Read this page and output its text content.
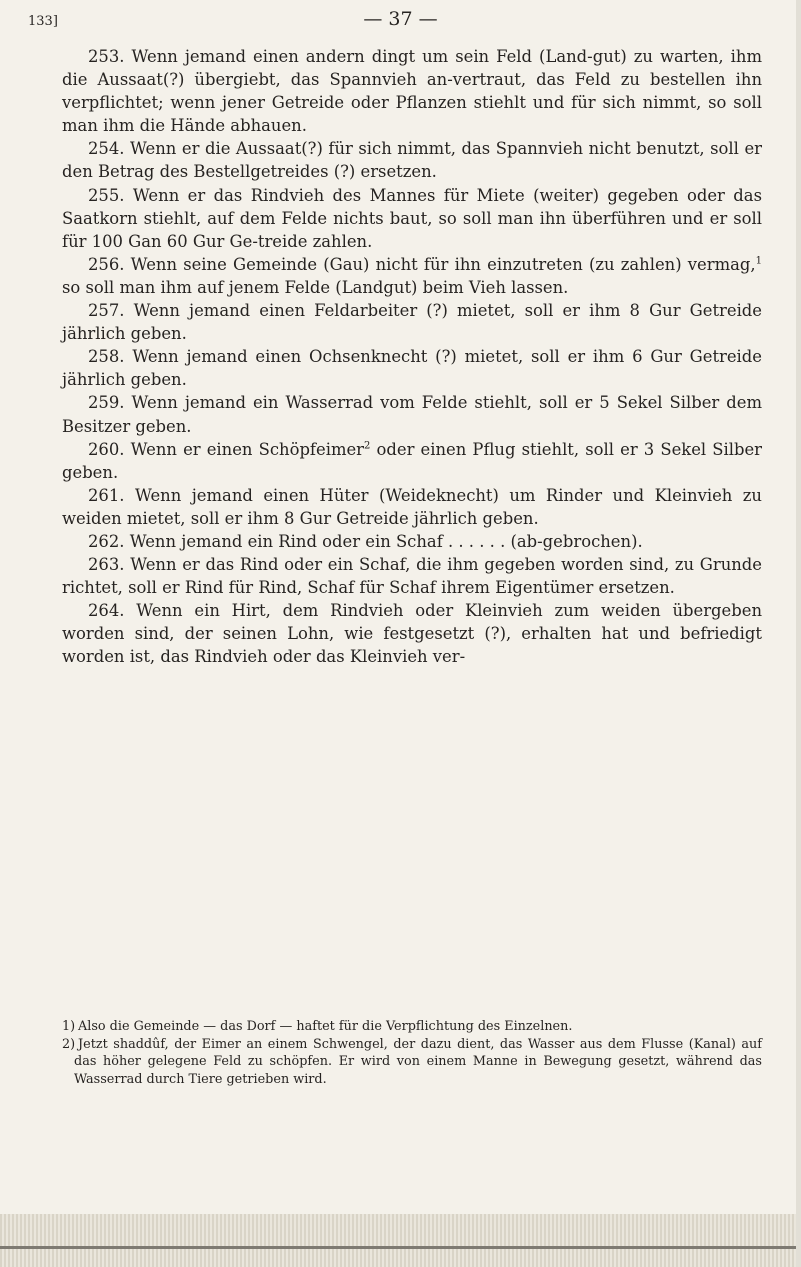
133]	— 37 —

253. Wenn jemand einen andern dingt um sein Feld (Land-gut) zu warten, ihm die Aussaat(?) übergiebt, das Spannvieh an-vertraut, das Feld zu bestellen ihn verpflichtet; wenn jener Getreide oder Pflanzen stiehlt und für sich nimmt, so soll man ihm die Hände abhauen.

254. Wenn er die Aussaat(?) für sich nimmt, das Spannvieh nicht benutzt, soll er den Betrag des Bestellgetreides (?) ersetzen.

255. Wenn er das Rindvieh des Mannes für Miete (weiter) gegeben oder das Saatkorn stiehlt, auf dem Felde nichts baut, so soll man ihn überführen und er soll für 100 Gan 60 Gur Ge-treide zahlen.

256. Wenn seine Gemeinde (Gau) nicht für ihn einzutreten (zu zahlen) vermag,$^1$ so soll man ihm auf jenem Felde (Landgut) beim Vieh lassen.

257. Wenn jemand einen Feldarbeiter (?) mietet, soll er ihm 8 Gur Getreide jährlich geben.

258. Wenn jemand einen Ochsenknecht (?) mietet, soll er ihm 6 Gur Getreide jährlich geben.

259. Wenn jemand ein Wasserrad vom Felde stiehlt, soll er 5 Sekel Silber dem Besitzer geben.

260. Wenn er einen Schöpfeimer$^2$ oder einen Pflug stiehlt, soll er 3 Sekel Silber geben.

261. Wenn jemand einen Hüter (Weideknecht) um Rinder und Kleinvieh zu weiden mietet, soll er ihm 8 Gur Getreide jährlich geben.

262. Wenn jemand ein Rind oder ein Schaf . . . . . . (ab-gebrochen).

263. Wenn er das Rind oder ein Schaf, die ihm gegeben worden sind, zu Grunde richtet, soll er Rind für Rind, Schaf für Schaf ihrem Eigentümer ersetzen.

264. Wenn ein Hirt, dem Rindvieh oder Kleinvieh zum weiden übergeben worden sind, der seinen Lohn, wie festgesetzt (?), erhalten hat und befriedigt worden ist, das Rindvieh oder das Kleinvieh ver-

1) Also die Gemeinde — das Dorf — haftet für die Verpflichtung des Einzelnen.

2) Jetzt shaddûf, der Eimer an einem Schwengel, der dazu dient, das Wasser aus dem Flusse (Kanal) auf das höher gelegene Feld zu schöpfen. Er wird von einem Manne in Bewegung gesetzt, während das Wasserrad durch Tiere getrieben wird.
